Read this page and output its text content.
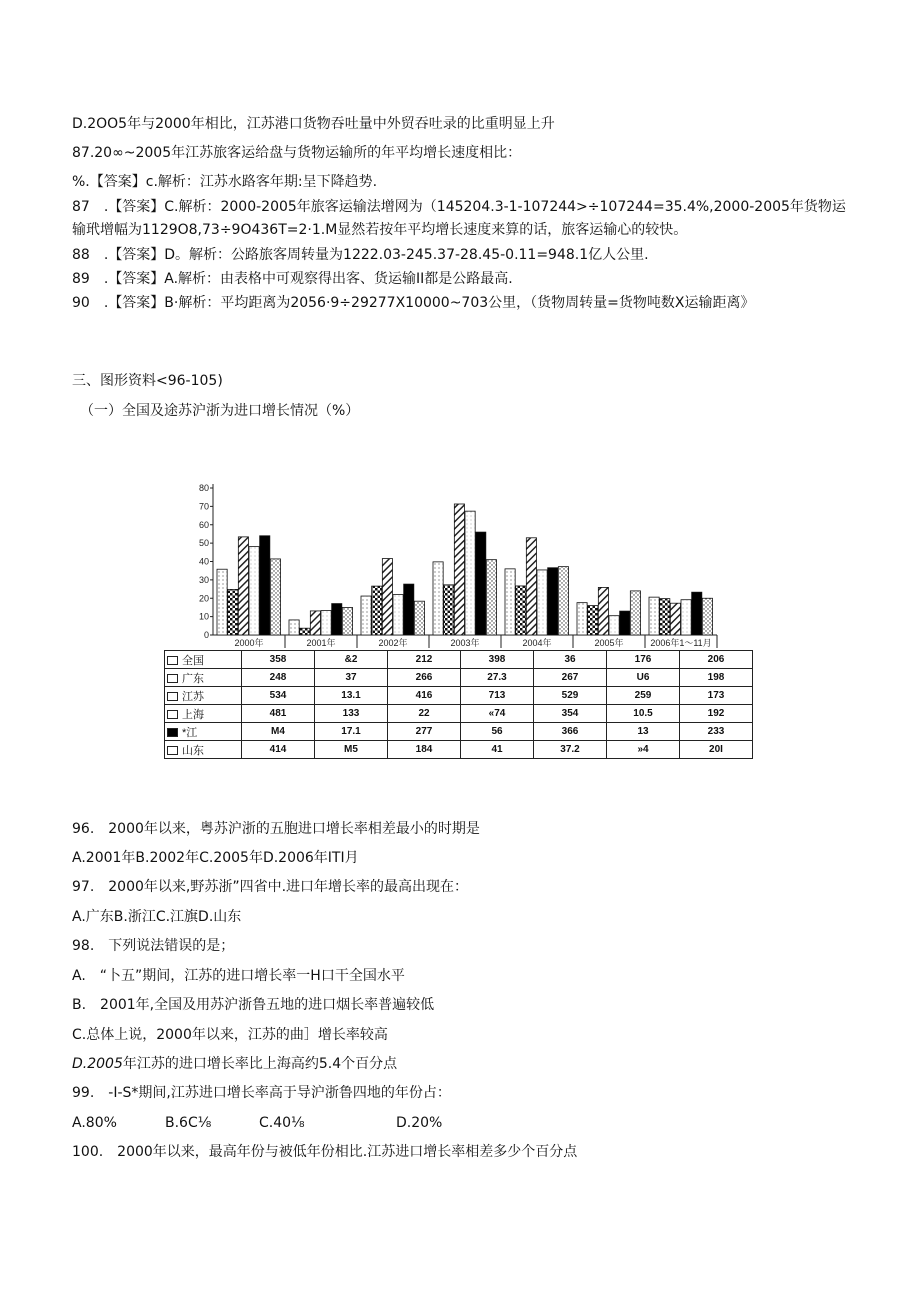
D.2OO5年与2000年相比，江苏港口货物吞吐量中外贸吞吐录的比重明显上升
87.20∞~2005年江苏旅客运给盘与货物运输所的年平均增长速度相比：
%.【答案】c.解析：江苏水路客年期:呈下降趋势.
87　.【答案】C.解析：2000-2005年旅客运输法增网为（145204.3-1-107244>÷107244=35.4%,2000-2005年货物运
输玳增幅为1129O8,73÷9O436T=2·1.M显然若按年平均增长速度来算的话，旅客运输心的较快。
88　.【答案】D。解析：公路旅客周转量为1222.03-245.37-28.45-0.11=948.1亿人公里.
89　.【答案】A.解析：由表格中可观察得出客、货运输II都是公路最高.
90　.【答案】B·解析：平均距离为2056·9÷29277X10000~703公里，（货物周转量=货物吨数X运输距离》
三、图形资料<96-105)
（一）全国及途苏沪浙为进口增长情况（%）
0
10
20
30
40
50
60
70
80
2000年	2001年	2002年	2003年	2004年	2005年	2006年1～11月
全国	358	&2	212	398	36	176	206
广东	248	37	266	27.3	267	U6	198
江苏	534	13.1	416	713	529	259	173
上海	481	133	22	«74	354	10.5	192
*江	M4	17.1	277	56	366	13	233
山东	414	M5	184	41	37.2	»4	20I
96.　2000年以来，粤苏沪浙的五胞进口增长率相差最小的时期是
A.2001年B.2002年C.2005年D.2006年ITI月
97.　2000年以来,野苏浙”四省中.进口年增长率的最高出现在：
A.广东B.浙江C.江旗D.山东
98.　下列说法错误的是；
A.　“卜五”期间，江苏的进口增长率一H口干全国水平
B.　2001年,全国及用苏沪浙鲁五地的进口烟长率普遍较低
C.总体上说，2000年以来，江苏的曲］增长率较高
D.2005年江苏的进口增长率比上海高约5.4个百分点
99.　-I-S*期间,江苏进口增长率高于导沪浙鲁四地的年份占：
A.80%	B.6C⅛	C.40⅛	D.20%
100.　2000年以来，最高年份与被低年份相比.江苏进口增长率相差多少个百分点
